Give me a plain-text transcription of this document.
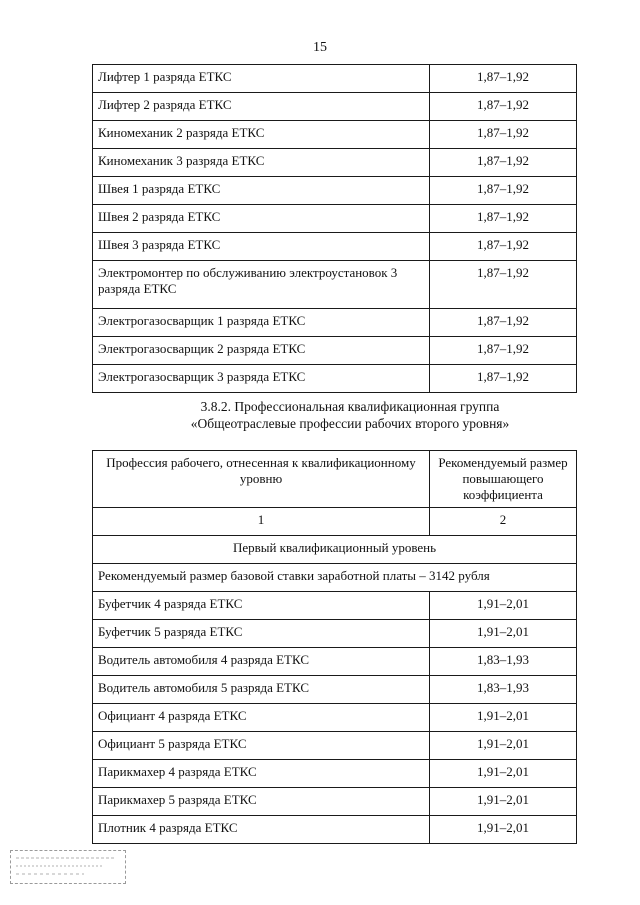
15
Лифтер 1 разряда ЕТКС	1,87–1,92
Лифтер 2 разряда ЕТКС	1,87–1,92
Киномеханик 2 разряда ЕТКС	1,87–1,92
Киномеханик 3 разряда ЕТКС	1,87–1,92
Швея 1 разряда ЕТКС	1,87–1,92
Швея 2 разряда ЕТКС	1,87–1,92
Швея 3 разряда ЕТКС	1,87–1,92
Электромонтер по обслуживанию электроустановок 3 разряда ЕТКС	1,87–1,92
Электрогазосварщик 1 разряда ЕТКС	1,87–1,92
Электрогазосварщик 2 разряда ЕТКС	1,87–1,92
Электрогазосварщик 3 разряда ЕТКС	1,87–1,92
3.8.2. Профессиональная квалификационная группа
«Общеотраслевые профессии рабочих второго уровня»
Профессия рабочего, отнесенная к квалификационному уровню	Рекомендуемый размер повышающего коэффициента
1	2
Первый квалификационный уровень	
Рекомендуемый размер базовой ставки заработной платы – 3142 рубля	
Буфетчик 4 разряда ЕТКС	1,91–2,01
Буфетчик 5 разряда ЕТКС	1,91–2,01
Водитель автомобиля 4 разряда ЕТКС	1,83–1,93
Водитель автомобиля 5 разряда ЕТКС	1,83–1,93
Официант 4 разряда ЕТКС	1,91–2,01
Официант 5 разряда ЕТКС	1,91–2,01
Парикмахер 4 разряда ЕТКС	1,91–2,01
Парикмахер 5 разряда ЕТКС	1,91–2,01
Плотник 4 разряда ЕТКС	1,91–2,01
